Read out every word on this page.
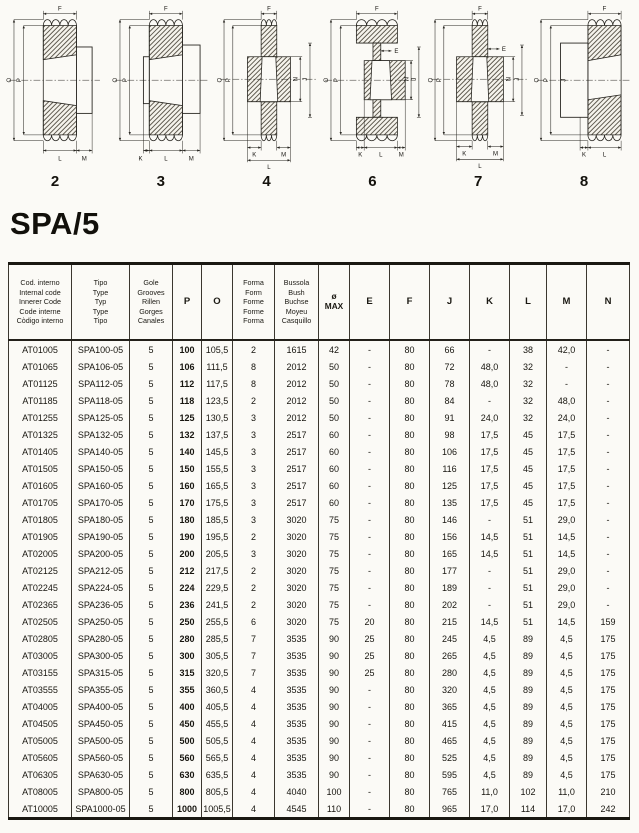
F
O P
L	M
2
F
O P
K	L	M
3
F
O P	N J
K	M
L
4
F
O P
E
N J
K	L	M
6
F
O P
E
N J
K	M
L
7
J
F
O P
K	L
8
SPA/5
Cod. interno
Internal code
Innerer Code
Code interne
Còdigo interno

Tipo
Type
Typ
Type
Tipo

Gole
Grooves
Rillen
Gorges
Canales

P	O

Forma
Form
Forme
Forme
Forma

Bussola
Bush
Buchse
Moyeu
Casquillo

ø
MAX	E	F	J	K	L	M	N

AT01005	SPA100-05	5	100	105,5	2	1615	42	-	80	66	-	38	42,0	-
AT01065	SPA106-05	5	106	111,5	8	2012	50	-	80	72	48,0	32	-	-
AT01125	SPA112-05	5	112	117,5	8	2012	50	-	80	78	48,0	32	-	-
AT01185	SPA118-05	5	118	123,5	2	2012	50	-	80	84	-	32	48,0	-
AT01255	SPA125-05	5	125	130,5	3	2012	50	-	80	91	24,0	32	24,0	-
AT01325	SPA132-05	5	132	137,5	3	2517	60	-	80	98	17,5	45	17,5	-
AT01405	SPA140-05	5	140	145,5	3	2517	60	-	80	106	17,5	45	17,5	-
AT01505	SPA150-05	5	150	155,5	3	2517	60	-	80	116	17,5	45	17,5	-
AT01605	SPA160-05	5	160	165,5	3	2517	60	-	80	125	17,5	45	17,5	-
AT01705	SPA170-05	5	170	175,5	3	2517	60	-	80	135	17,5	45	17,5	-
AT01805	SPA180-05	5	180	185,5	3	3020	75	-	80	146	-	51	29,0	-
AT01905	SPA190-05	5	190	195,5	2	3020	75	-	80	156	14,5	51	14,5	-
AT02005	SPA200-05	5	200	205,5	3	3020	75	-	80	165	14,5	51	14,5	-
AT02125	SPA212-05	5	212	217,5	2	3020	75	-	80	177	-	51	29,0	-
AT02245	SPA224-05	5	224	229,5	2	3020	75	-	80	189	-	51	29,0	-
AT02365	SPA236-05	5	236	241,5	2	3020	75	-	80	202	-	51	29,0	-
AT02505	SPA250-05	5	250	255,5	6	3020	75	20	80	215	14,5	51	14,5	159
AT02805	SPA280-05	5	280	285,5	7	3535	90	25	80	245	4,5	89	4,5	175
AT03005	SPA300-05	5	300	305,5	7	3535	90	25	80	265	4,5	89	4,5	175
AT03155	SPA315-05	5	315	320,5	7	3535	90	25	80	280	4,5	89	4,5	175
AT03555	SPA355-05	5	355	360,5	4	3535	90	-	80	320	4,5	89	4,5	175
AT04005	SPA400-05	5	400	405,5	4	3535	90	-	80	365	4,5	89	4,5	175
AT04505	SPA450-05	5	450	455,5	4	3535	90	-	80	415	4,5	89	4,5	175
AT05005	SPA500-05	5	500	505,5	4	3535	90	-	80	465	4,5	89	4,5	175
AT05605	SPA560-05	5	560	565,5	4	3535	90	-	80	525	4,5	89	4,5	175
AT06305	SPA630-05	5	630	635,5	4	3535	90	-	80	595	4,5	89	4,5	175
AT08005	SPA800-05	5	800	805,5	4	4040	100	-	80	765	11,0	102	11,0	210
AT10005	SPA1000-05	5	1000	1005,5	4	4545	110	-	80	965	17,0	114	17,0	242
